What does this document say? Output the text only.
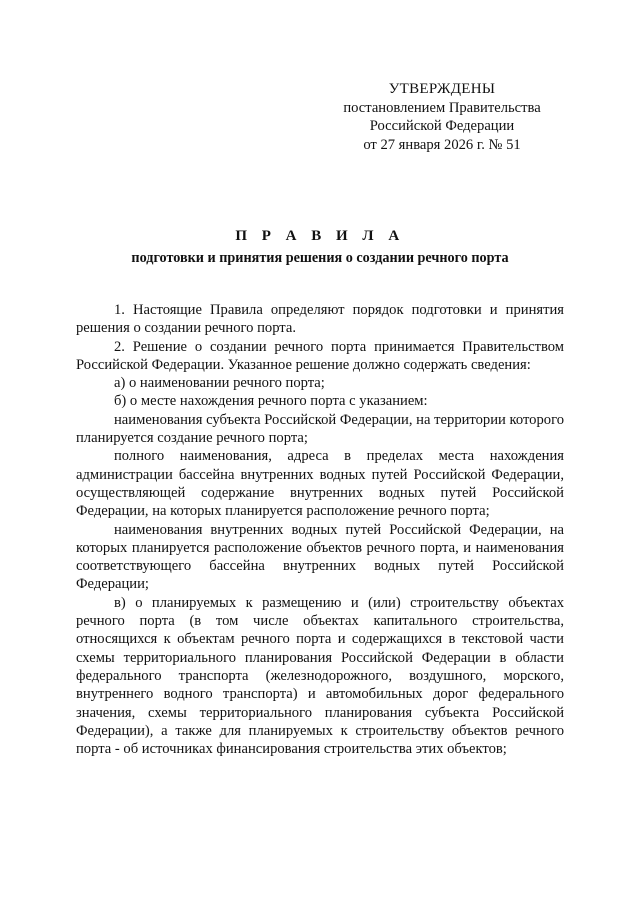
УТВЕРЖДЕНЫ
постановлением Правительства
Российской Федерации
от 27 января 2026 г. № 51
П Р А В И Л А
подготовки и принятия решения о создании речного порта

1. Настоящие Правила определяют порядок подготовки и принятия решения о создании речного порта.

2. Решение о создании речного порта принимается Правительством Российской Федерации. Указанное решение должно содержать сведения:

а) о наименовании речного порта;

б) о месте нахождения речного порта с указанием:

наименования субъекта Российской Федерации, на территории которого планируется создание речного порта;

полного наименования, адреса в пределах места нахождения администрации бассейна внутренних водных путей Российской Федерации, осуществляющей содержание внутренних водных путей Российской Федерации, на которых планируется расположение речного порта;

наименования внутренних водных путей Российской Федерации, на которых планируется расположение объектов речного порта, и наименования соответствующего бассейна внутренних водных путей Российской Федерации;

в) о планируемых к размещению и (или) строительству объектах речного порта (в том числе объектах капитального строительства, относящихся к объектам речного порта и содержащихся в текстовой части схемы территориального планирования Российской Федерации в области федерального транспорта (железнодорожного, воздушного, морского, внутреннего водного транспорта) и автомобильных дорог федерального значения, схемы территориального планирования субъекта Российской Федерации), а также для планируемых к строительству объектов речного порта - об источниках финансирования строительства этих объектов;
